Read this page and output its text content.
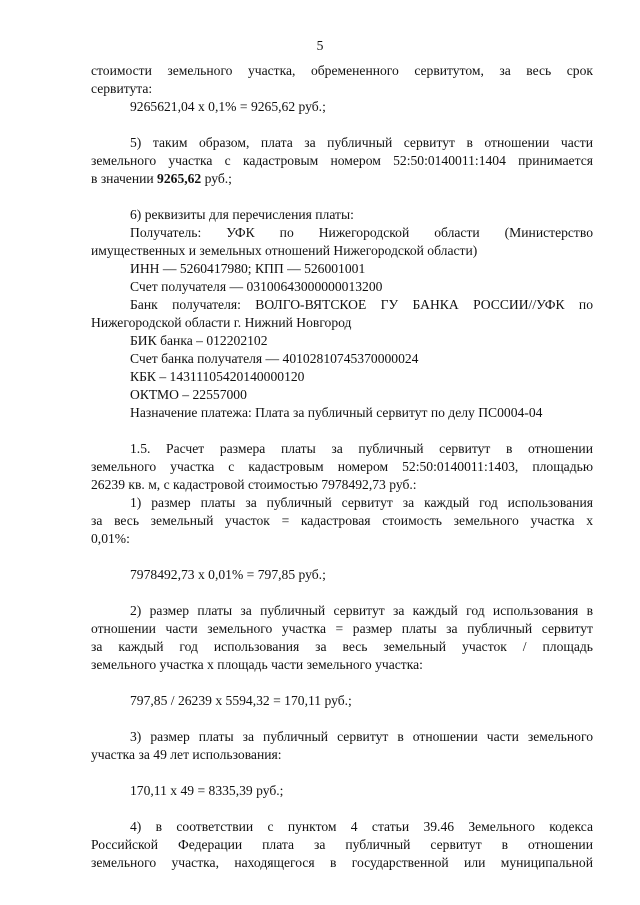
5
стоимости земельного участка, обремененного сервитутом, за весь срок
сервитута:
9265621,04 х 0,1% = 9265,62 руб.;
5) таким образом, плата за публичный сервитут в отношении части
земельного участка с кадастровым номером 52:50:0140011:1404 принимается
в значении 9265,62 руб.;
6) реквизиты для перечисления платы:
Получатель: УФК по Нижегородской области (Министерство
имущественных и земельных отношений Нижегородской области)
ИНН — 5260417980; КПП — 526001001
Счет получателя — 03100643000000013200
Банк получателя: ВОЛГО-ВЯТСКОЕ ГУ БАНКА РОССИИ//УФК по
Нижегородской области г. Нижний Новгород
БИК банка – 012202102
Счет банка получателя — 40102810745370000024
КБК – 14311105420140000120
ОКТМО – 22557000
Назначение платежа: Плата за публичный сервитут по делу ПС0004-04
1.5. Расчет размера платы за публичный сервитут в отношении
земельного участка с кадастровым номером 52:50:0140011:1403, площадью
26239 кв. м, с кадастровой стоимостью 7978492,73 руб.:
1) размер платы за публичный сервитут за каждый год использования
за весь земельный участок = кадастровая стоимость земельного участка х
0,01%:
7978492,73 х 0,01% = 797,85 руб.;
2) размер платы за публичный сервитут за каждый год использования в
отношении части земельного участка = размер платы за публичный сервитут
за каждый год использования за весь земельный участок / площадь
земельного участка х площадь части земельного участка:
797,85 / 26239 х 5594,32 = 170,11 руб.;
3) размер платы за публичный сервитут в отношении части земельного
участка за 49 лет использования:
170,11 х 49 = 8335,39 руб.;
4) в соответствии с пунктом 4 статьи 39.46 Земельного кодекса
Российской Федерации плата за публичный сервитут в отношении
земельного участка, находящегося в государственной или муниципальной
